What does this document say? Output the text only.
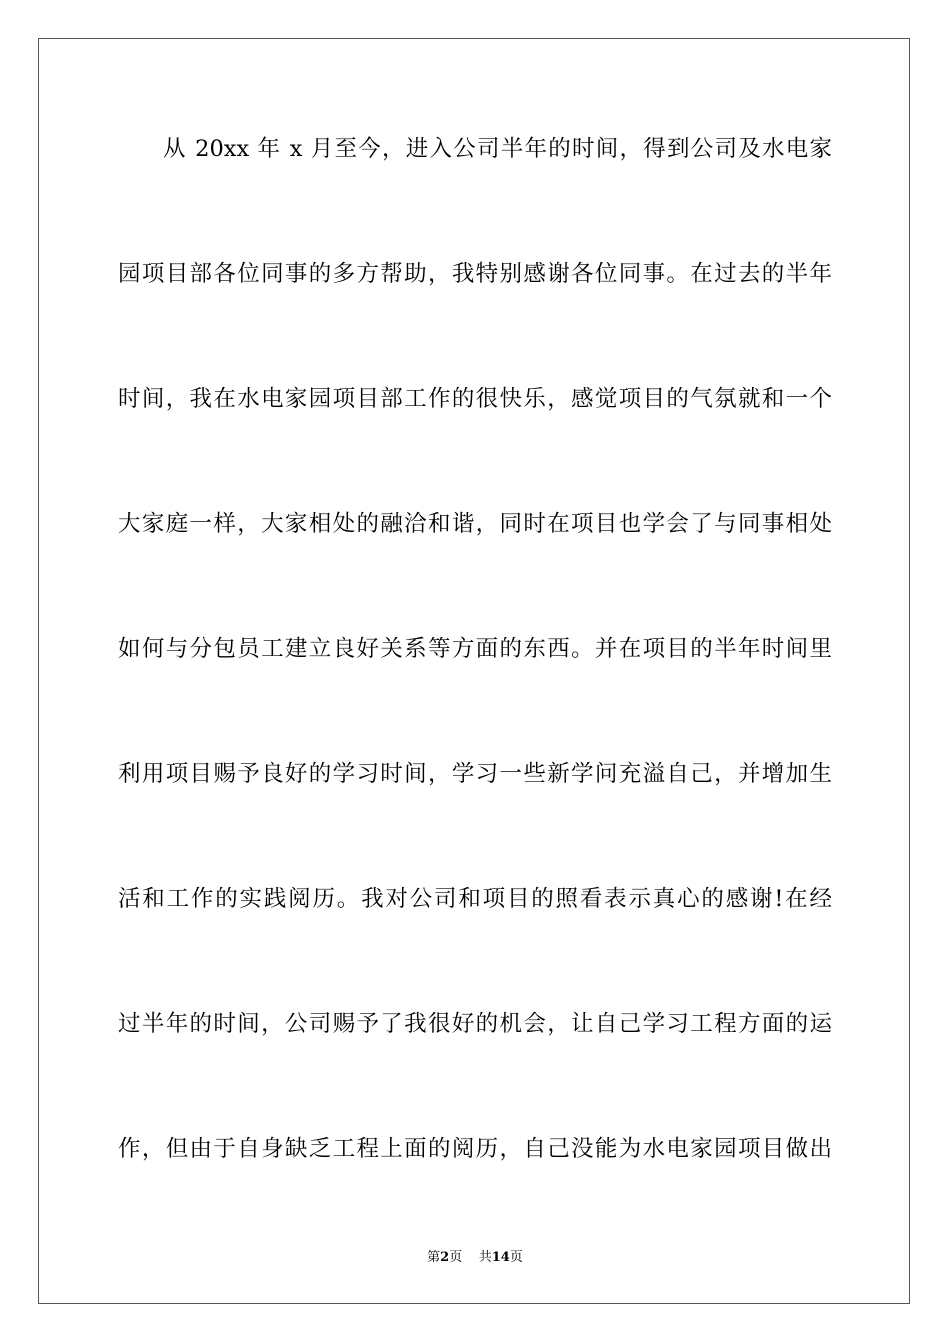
从 20xx 年 x 月至今，进入公司半年的时间，得到公司及水电家
园项目部各位同事的多方帮助，我特别感谢各位同事。在过去的半年
时间，我在水电家园项目部工作的很快乐，感觉项目的气氛就和一个
大家庭一样，大家相处的融洽和谐，同时在项目也学会了与同事相处
如何与分包员工建立良好关系等方面的东西。并在项目的半年时间里
利用项目赐予良好的学习时间，学习一些新学问充溢自己，并增加生
活和工作的实践阅历。我对公司和项目的照看表示真心的感谢!在经
过半年的时间，公司赐予了我很好的机会，让自己学习工程方面的运
作，但由于自身缺乏工程上面的阅历，自己没能为水电家园项目做出
第2页 共14页
